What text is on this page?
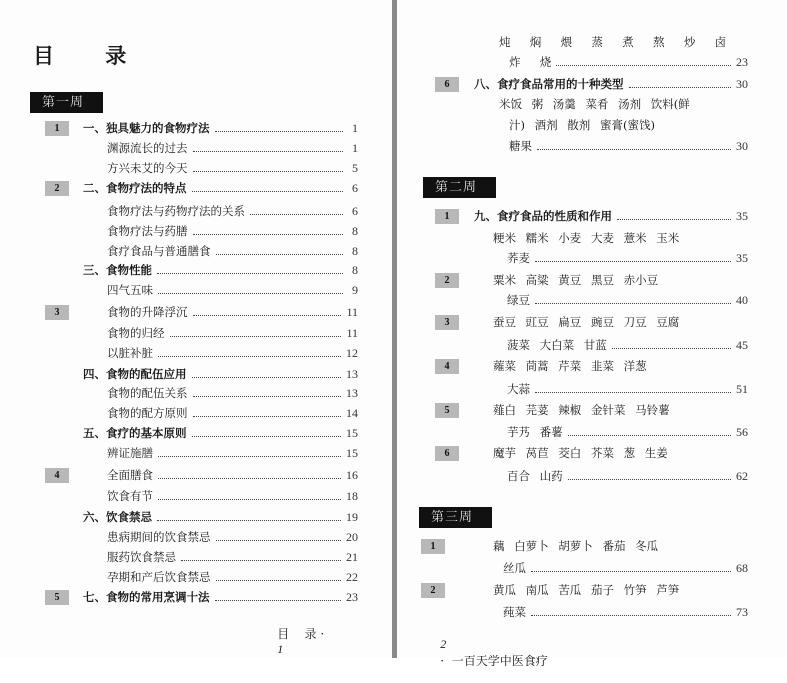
目 录
第一周

目    录 ·
1

1	一、独具魅力的食物疗法	1
渊源流长的过去	1
方兴未艾的今天	5
2	二、食物疗法的特点	6
食物疗法与药物疗法的关系	6
食物疗法与药膳	8
食疗食品与普通膳食	8
三、食物性能	8
四气五味	9
3	食物的升降浮沉	11
食物的归经	11
以脏补脏	12
四、食物的配伍应用	13
食物的配伍关系	13
食物的配方原则	14
五、食疗的基本原则	15
辨证施膳	15
4	全面膳食	16
饮食有节	18
六、饮食禁忌	19
患病期间的饮食禁忌	20
服药饮食禁忌	21
孕期和产后饮食禁忌	22
5	七、食物的常用烹调十法	23
第二周
第三周

2
·  一百天学中医食疗

炖  焖  煨  蒸  煮  熬  炒  卤
炸  烧	23
6	八、食疗食品常用的十种类型	30
米饭 粥 汤羹 菜肴 汤剂 饮料(鲜
汁) 酒剂 散剂 蜜膏(蜜饯)
糖果	30
1	九、食疗食品的性质和作用	35
粳米 糯米 小麦 大麦 薏米 玉米
荞麦	35
2	粟米 高粱 黄豆 黑豆 赤小豆
绿豆	40
3	蚕豆 豇豆 扁豆 豌豆 刀豆 豆腐
菠菜 大白菜 甘蓝	45
4	蕹菜 茼蒿 芹菜 韭菜 洋葱
大蒜	51
5	薤白 芫荽 辣椒 金针菜 马铃薯
芋艿 番薯	56
6	魔芋 莴苣 茭白 芥菜 葱 生姜
百合 山药	62
1	藕 白萝卜 胡萝卜 番茄 冬瓜
丝瓜	68
2	黄瓜 南瓜 苦瓜 茄子 竹笋 芦笋
莼菜	73
